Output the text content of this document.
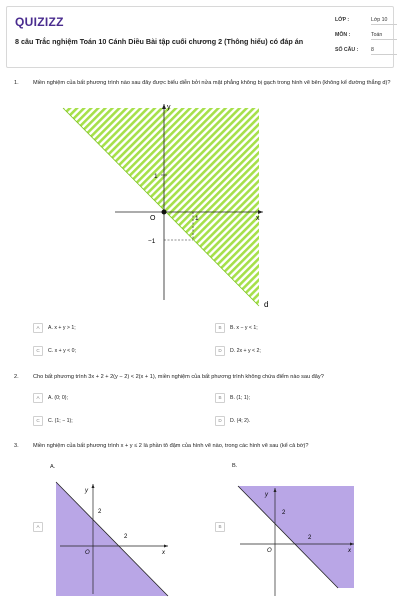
QUIZIZZ
8 câu Trắc nghiệm Toán 10 Cánh Diều Bài tập cuối chương 2 (Thông hiểu) có đáp án
LỚP :	Lớp 10
MÔN :	Toán
SỐ CÂU :	8
1.	Miền nghiệm của bất phương trình nào sau đây được biểu diễn bởi nửa mặt phẳng không bị gạch trong hình vẽ bên (không kể đường thẳng d)?
y
x
O	1
1
−1
d
A	A. x + y > 1;	B	B. x − y < 1;
C	C. x + y < 0;	D	D. 2x + y < 2;
2.	Cho bất phương trình 3x + 2 + 2(y − 2) < 2(x + 1), miền nghiệm của bất phương trình không chứa điểm nào sau đây?
A	A. (0; 0);	B	B. (1; 1);
C	C. (1; − 1);	D	D. (4; 2).
3.	Miền nghiệm của bất phương trình x + y ≤ 2 là phần tô đậm của hình vẽ nào, trong các hình vẽ sau (kể cả bờ)?
A.	B.
A	B
y
x
O
2
2
y
x
O
2
2
